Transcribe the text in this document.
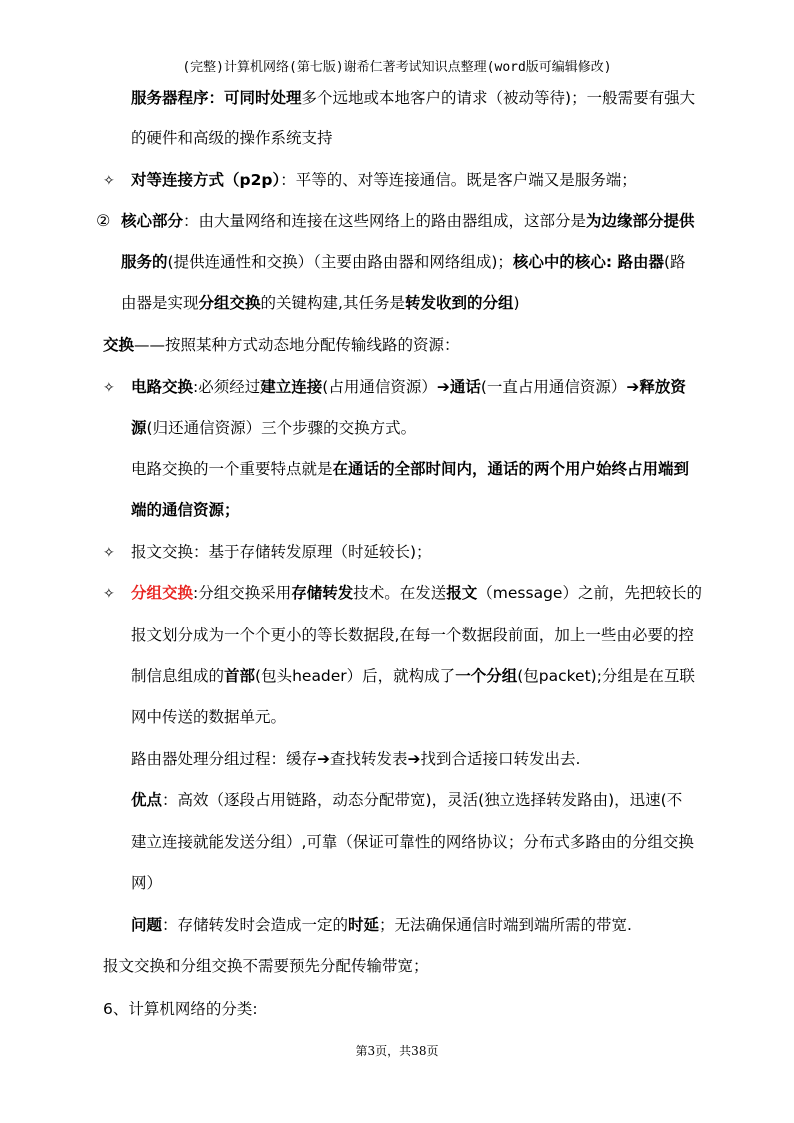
(完整)计算机网络(第七版)谢希仁著考试知识点整理(word版可编辑修改)
服务器程序：可同时处理多个远地或本地客户的请求（被动等待)；一般需要有强大
的硬件和高级的操作系统支持
✧ 对等连接方式（p2p）：平等的、对等连接通信。既是客户端又是服务端；
② 核心部分：由大量网络和连接在这些网络上的路由器组成，这部分是为边缘部分提供
服务的(提供连通性和交换）（主要由路由器和网络组成)；核心中的核心: 路由器(路
由器是实现分组交换的关键构建,其任务是转发收到的分组)
交换——按照某种方式动态地分配传输线路的资源：
✧ 电路交换:必须经过建立连接(占用通信资源）➔通话(一直占用通信资源）➔释放资
源(归还通信资源）三个步骤的交换方式。
电路交换的一个重要特点就是在通话的全部时间内，通话的两个用户始终占用端到
端的通信资源；
✧ 报文交换：基于存储转发原理（时延较长)；
✧ 分组交换:分组交换采用存储转发技术。在发送报文（message）之前，先把较长的
报文划分成为一个个更小的等长数据段,在每一个数据段前面，加上一些由必要的控
制信息组成的首部(包头header）后，就构成了一个分组(包packet);分组是在互联
网中传送的数据单元。
路由器处理分组过程：缓存➔查找转发表➔找到合适接口转发出去.
优点：高效（逐段占用链路，动态分配带宽)，灵活(独立选择转发路由)，迅速(不
建立连接就能发送分组）,可靠（保证可靠性的网络协议；分布式多路由的分组交换
网）
问题：存储转发时会造成一定的时延；无法确保通信时端到端所需的带宽.
报文交换和分组交换不需要预先分配传输带宽；
6、计算机网络的分类:
第3页，共38页
